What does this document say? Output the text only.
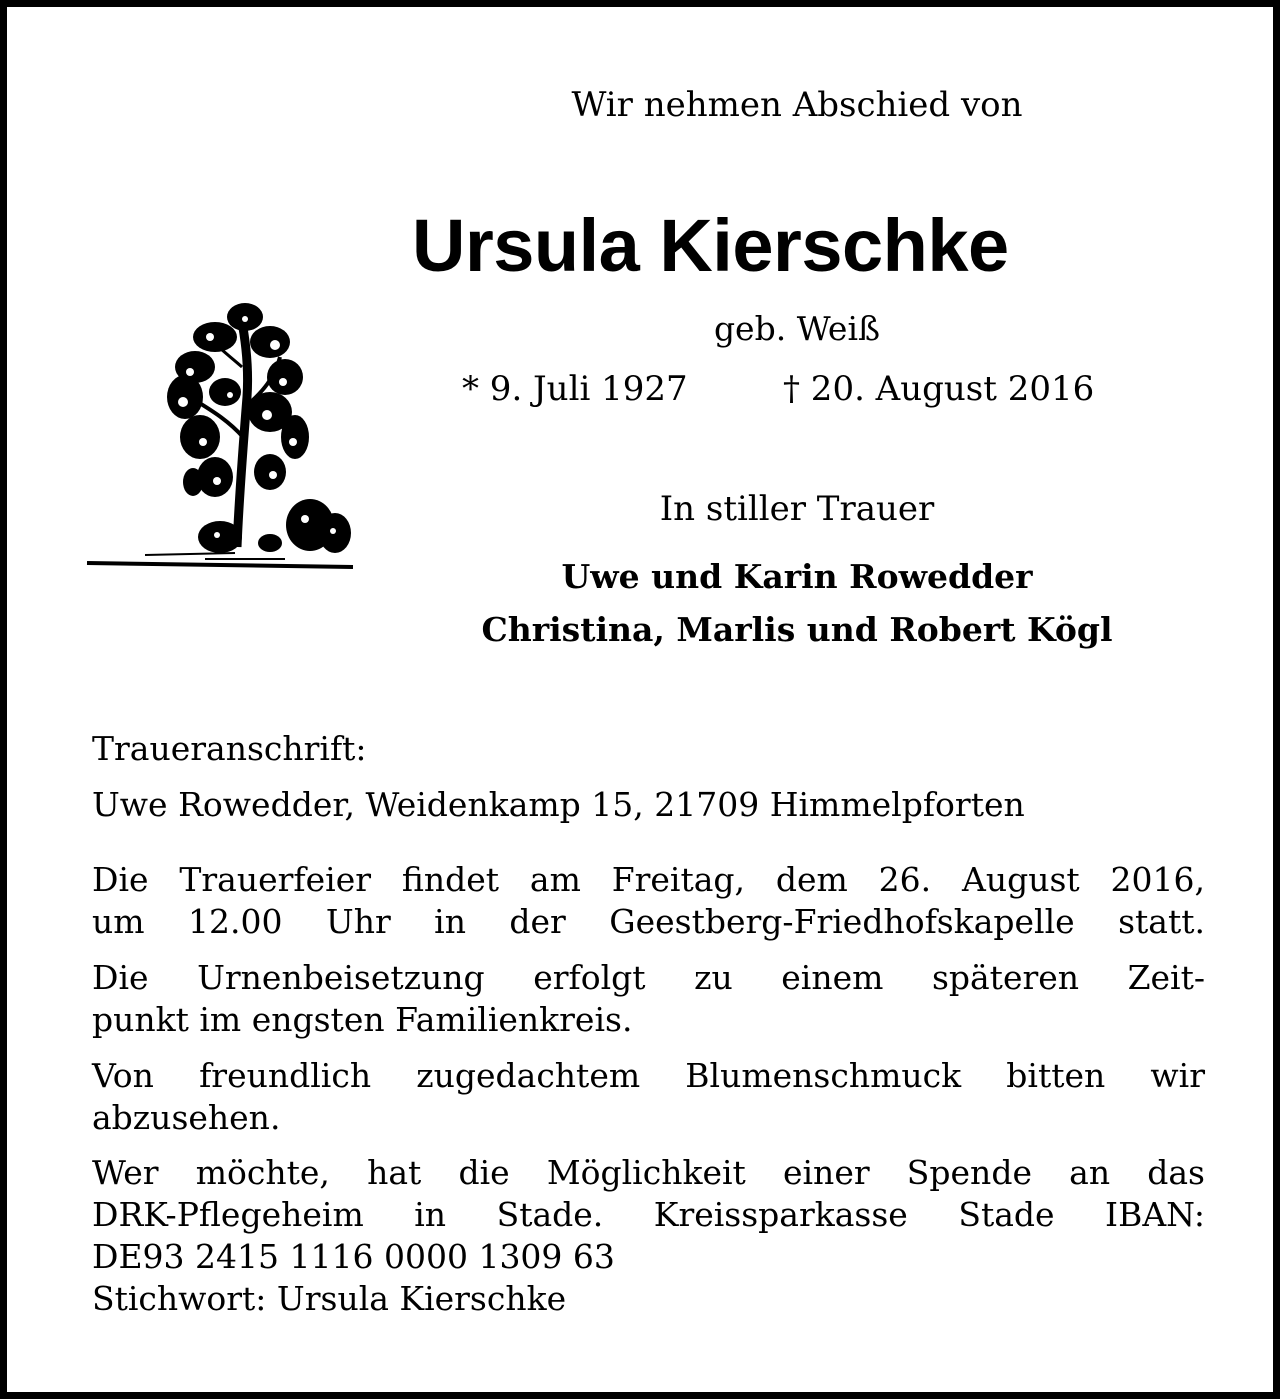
Wir nehmen Abschied von

Ursula Kierschke

geb. Weiß

* 9. Juli 1927	† 20. August 2016

In stiller Trauer

Uwe und Karin Rowedder

Christina, Marlis und Robert Kögl

Traueranschrift:

Uwe Rowedder, Weidenkamp 15, 21709 Himmelpforten

Die Trauerfeier findet am Freitag, dem 26. August 2016,
um 12.00 Uhr in der Geestberg-Friedhofskapelle statt.
Die Urnenbeisetzung erfolgt zu einem späteren Zeit-
punkt im engsten Familienkreis.
Von freundlich zugedachtem Blumenschmuck bitten wir
abzusehen.
Wer möchte, hat die Möglichkeit einer Spende an das
DRK-Pflegeheim in Stade. Kreissparkasse Stade IBAN:
DE93 2415 1116 0000 1309 63
Stichwort: Ursula Kierschke
